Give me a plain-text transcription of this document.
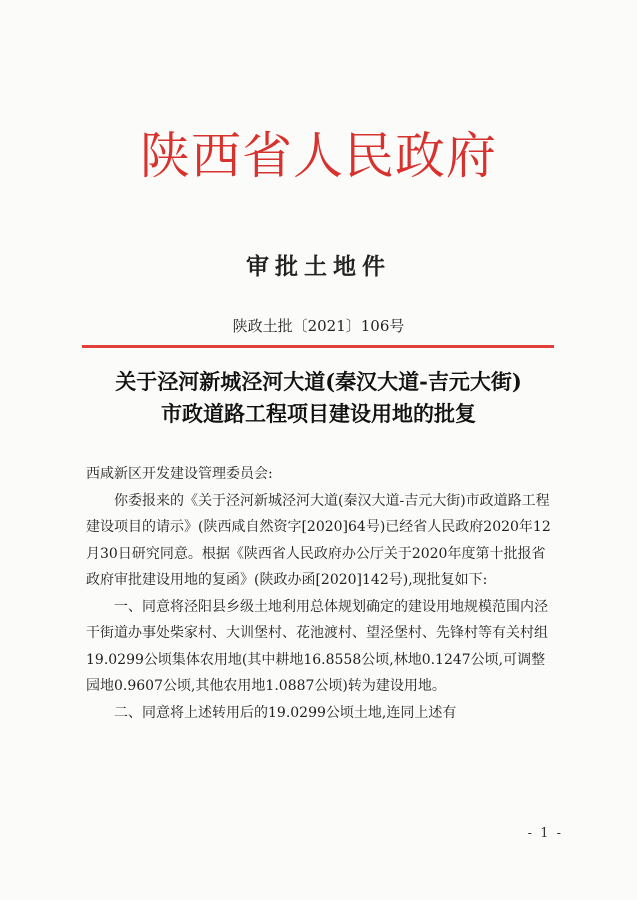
陕西省人民政府
审批土地件
陕政土批〔2021〕106号
关于泾河新城泾河大道(秦汉大道-吉元大街)
市政道路工程项目建设用地的批复

西咸新区开发建设管理委员会:

你委报来的《关于泾河新城泾河大道(秦汉大道-吉元大街)市政道路工程建设项目的请示》(陕西咸自然资字[2020]64号)已经省人民政府2020年12月30日研究同意。根据《陕西省人民政府办公厅关于2020年度第十批报省政府审批建设用地的复函》(陕政办函[2020]142号),现批复如下:

一、同意将泾阳县乡级土地利用总体规划确定的建设用地规模范围内泾干街道办事处柴家村、大训堡村、花池渡村、望泾堡村、先锋村等有关村组19.0299公顷集体农用地(其中耕地16.8558公顷,林地0.1247公顷,可调整园地0.9607公顷,其他农用地1.0887公顷)转为建设用地。

二、同意将上述转用后的19.0299公顷土地,连同上述有

- 1 -
